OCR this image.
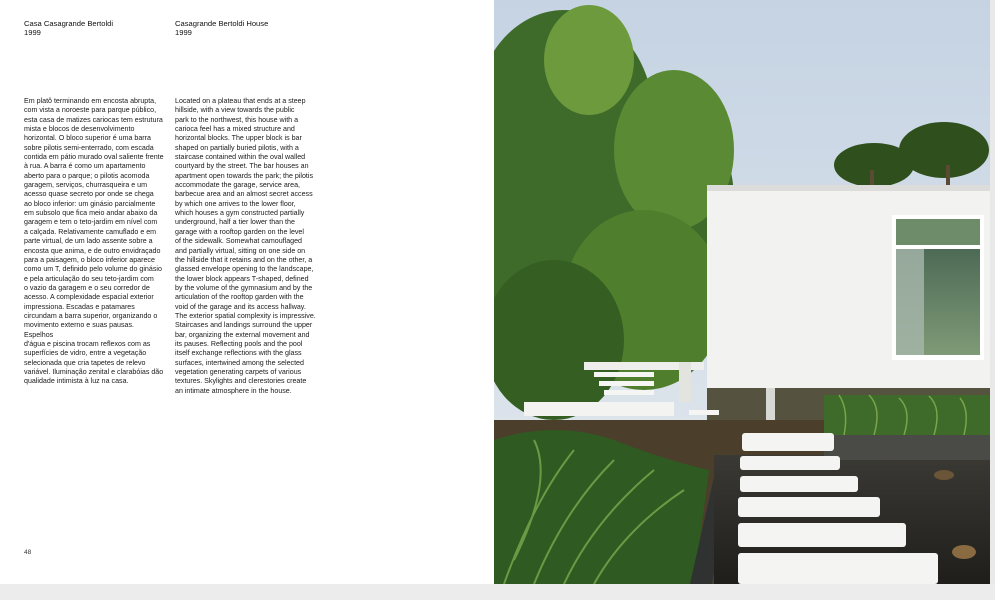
Casa Casagrande Bertoldi
1999
Casagrande Bertoldi House
1999
Em platô terminando em encosta abrupta,
com vista a noroeste para parque público,
esta casa de matizes cariocas tem estrutura
mista e blocos de desenvolvimento
horizontal. O bloco superior é uma barra
sobre pilotis semi-enterrado, com escada
contida em pátio murado oval saliente frente
à rua. A barra é como um apartamento
aberto para o parque; o pilotis acomoda
garagem, serviços, churrasqueira e um
acesso quase secreto por onde se chega
ao bloco inferior: um ginásio parcialmente
em subsolo que fica meio andar abaixo da
garagem e tem o teto-jardim em nível com
a calçada. Relativamente camuflado e em
parte virtual, de um lado assente sobre a
encosta que anima, e de outro envidraçado
para a paisagem, o bloco inferior aparece
como um T, definido pelo volume do ginásio
e pela articulação do seu teto-jardim com
o vazio da garagem e o seu corredor de
acesso. A complexidade espacial exterior
impressiona. Escadas e patamares
circundam a barra superior, organizando o
movimento externo e suas pausas. Espelhos
d'água e piscina trocam reflexos com as
superfícies de vidro, entre a vegetação
selecionada que cria tapetes de relevo
variável. Iluminação zenital e clarabóias dão
qualidade intimista à luz na casa.
Located on a plateau that ends at a steep
hillside, with a view towards the public
park to the northwest, this house with a
carioca feel has a mixed structure and
horizontal blocks. The upper block is bar
shaped on partially buried pilotis, with a
staircase contained within the oval walled
courtyard by the street. The bar houses an
apartment open towards the park; the pilotis
accommodate the garage, service area,
barbecue area and an almost secret access
by which one arrives to the lower floor,
which houses a gym constructed partially
underground, half a tier lower than the
garage with a rooftop garden on the level
of the sidewalk. Somewhat camouflaged
and partially virtual, sitting on one side on
the hillside that it retains and on the other, a
glassed envelope opening to the landscape,
the lower block appears T-shaped, defined
by the volume of the gymnasium and by the
articulation of the rooftop garden with the
void of the garage and its access hallway.
The exterior spatial complexity is impressive.
Staircases and landings surround the upper
bar, organizing the external movement and
its pauses. Reflecting pools and the pool
itself exchange reflections with the glass
surfaces, intertwined among the selected
vegetation generating carpets of various
textures. Skylights and clerestories create
an intimate atmosphere in the house.
48
